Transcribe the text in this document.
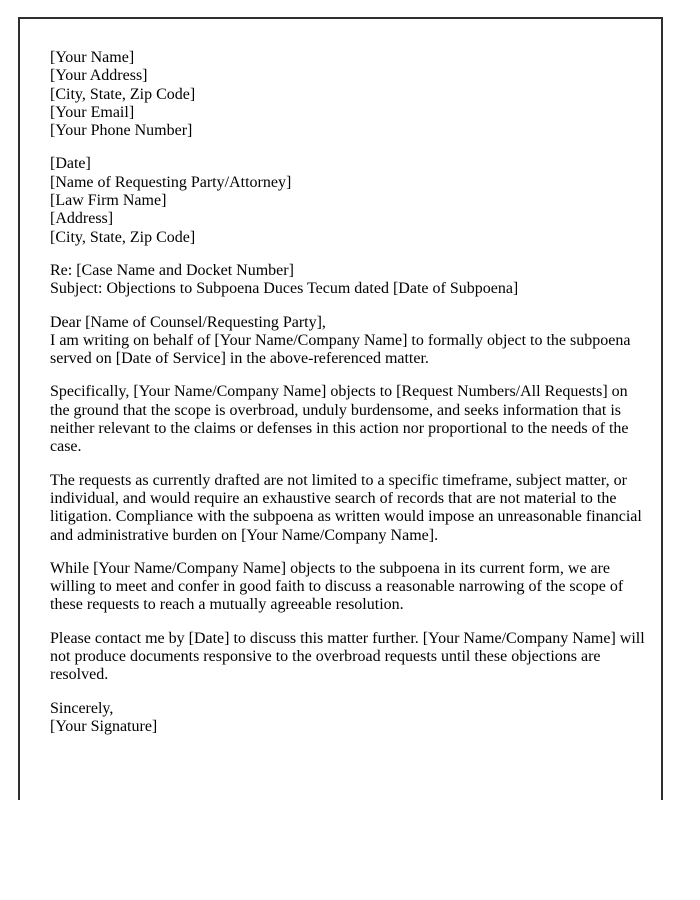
[Your Name]
[Your Address]
[City, State, Zip Code]
[Your Email]
[Your Phone Number]
[Date]
[Name of Requesting Party/Attorney]
[Law Firm Name]
[Address]
[City, State, Zip Code]
Re: [Case Name and Docket Number]
Subject: Objections to Subpoena Duces Tecum dated [Date of Subpoena]
Dear [Name of Counsel/Requesting Party],
I am writing on behalf of [Your Name/Company Name] to formally object to the subpoena served on [Date of Service] in the above-referenced matter.
Specifically, [Your Name/Company Name] objects to [Request Numbers/All Requests] on the ground that the scope is overbroad, unduly burdensome, and seeks information that is neither relevant to the claims or defenses in this action nor proportional to the needs of the case.
The requests as currently drafted are not limited to a specific timeframe, subject matter, or individual, and would require an exhaustive search of records that are not material to the litigation. Compliance with the subpoena as written would impose an unreasonable financial and administrative burden on [Your Name/Company Name].
While [Your Name/Company Name] objects to the subpoena in its current form, we are willing to meet and confer in good faith to discuss a reasonable narrowing of the scope of these requests to reach a mutually agreeable resolution.
Please contact me by [Date] to discuss this matter further. [Your Name/Company Name] will not produce documents responsive to the overbroad requests until these objections are resolved.
Sincerely,
[Your Signature]
